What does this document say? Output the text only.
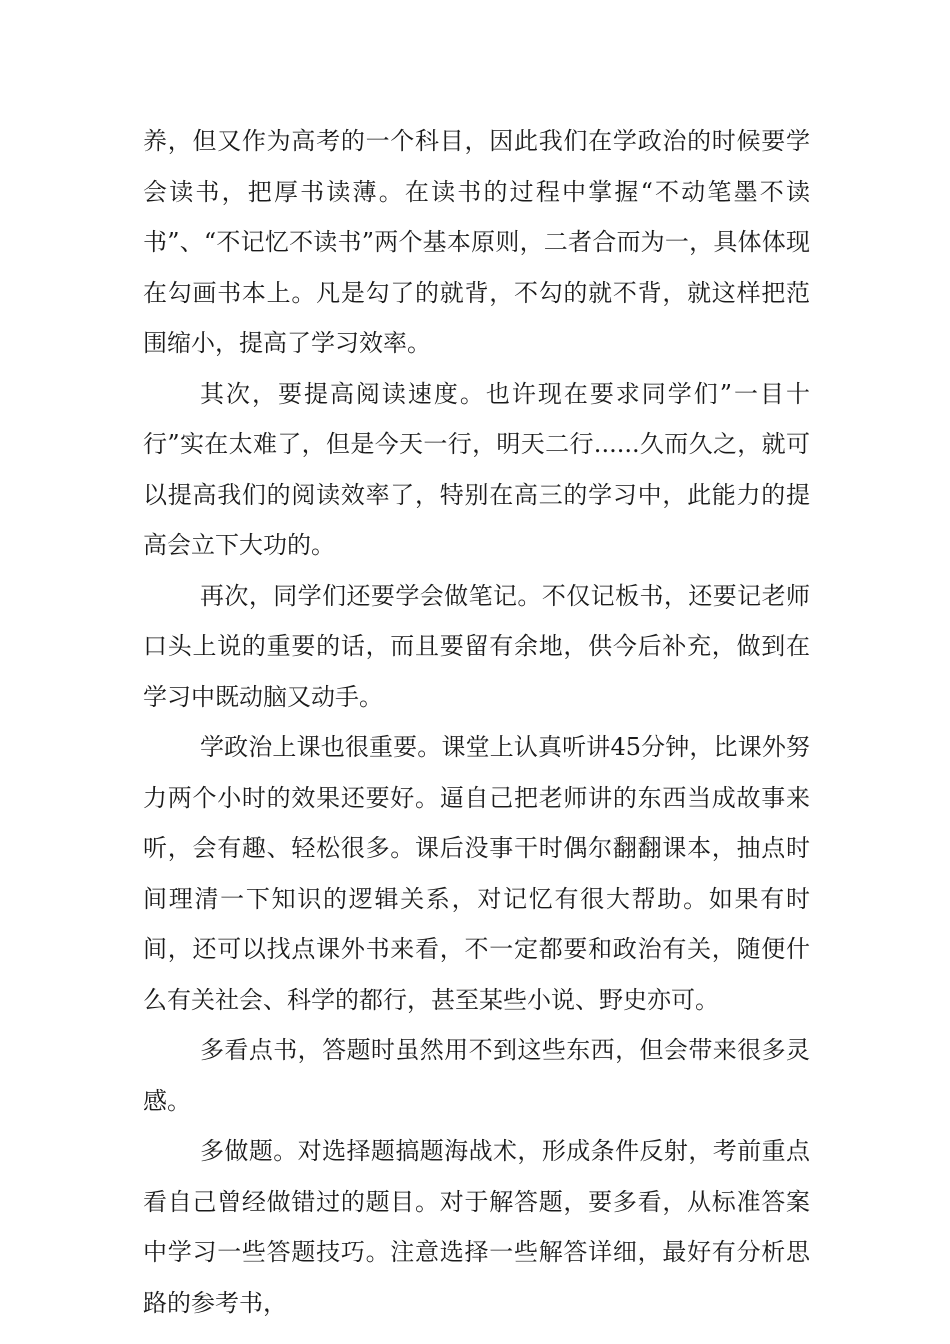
养，但又作为高考的一个科目，因此我们在学政治的时候要学会读书，把厚书读薄。在读书的过程中掌握“不动笔墨不读书”、“不记忆不读书”两个基本原则，二者合而为一，具体体现在勾画书本上。凡是勾了的就背，不勾的就不背，就这样把范围缩小，提高了学习效率。

其次，要提高阅读速度。也许现在要求同学们”一目十行”实在太难了，但是今天一行，明天二行......久而久之，就可以提高我们的阅读效率了，特别在高三的学习中，此能力的提高会立下大功的。

再次，同学们还要学会做笔记。不仅记板书，还要记老师口头上说的重要的话，而且要留有余地，供今后补充，做到在学习中既动脑又动手。

学政治上课也很重要。课堂上认真听讲45分钟，比课外努力两个小时的效果还要好。逼自己把老师讲的东西当成故事来听，会有趣、轻松很多。课后没事干时偶尔翻翻课本，抽点时间理清一下知识的逻辑关系，对记忆有很大帮助。如果有时间，还可以找点课外书来看，不一定都要和政治有关，随便什么有关社会、科学的都行，甚至某些小说、野史亦可。

多看点书，答题时虽然用不到这些东西，但会带来很多灵感。

多做题。对选择题搞题海战术，形成条件反射，考前重点看自己曾经做错过的题目。对于解答题，要多看，从标准答案中学习一些答题技巧。注意选择一些解答详细，最好有分析思路的参考书，
